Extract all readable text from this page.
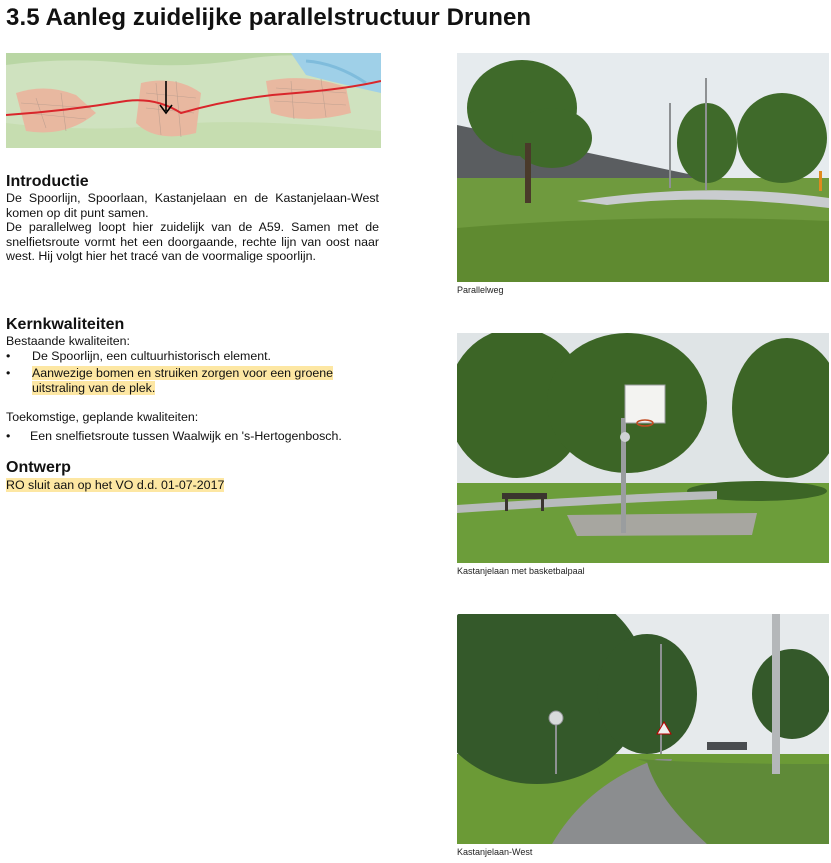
3.5 Aanleg zuidelijke parallelstructuur Drunen
Introductie
De Spoorlijn, Spoorlaan, Kastanjelaan en de Kastanjelaan-West komen op dit punt samen.
De parallelweg loopt hier zuidelijk van de A59. Samen met de snelfietsroute vormt het een doorgaande, rechte lijn van oost naar west. Hij volgt hier het tracé van de voormalige spoorlijn.
Kernkwaliteiten
Bestaande kwaliteiten:
• De Spoorlijn, een cultuurhistorisch element.
• Aanwezige bomen en struiken zorgen voor een groene uitstraling van de plek.
Toekomstige, geplande kwaliteiten:
• Een snelfietsroute tussen Waalwijk en 's-Hertogenbosch.
Ontwerp
RO sluit aan op het VO d.d. 01-07-2017
Parallelweg
Kastanjelaan met basketbalpaal
Kastanjelaan-West
